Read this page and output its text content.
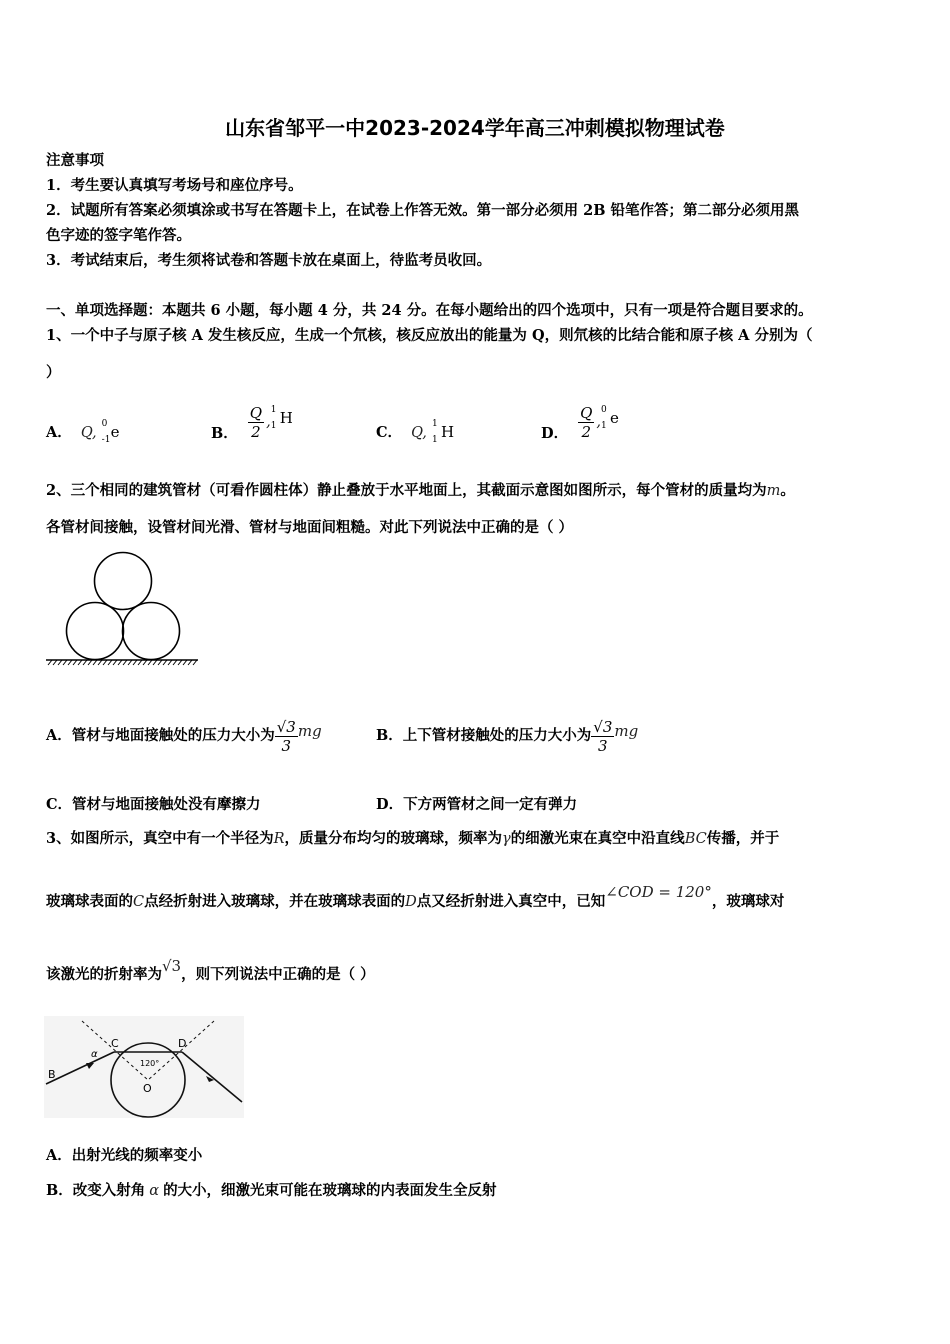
山东省邹平一中2023-2024学年高三冲刺模拟物理试卷
注意事项
1．考生要认真填写考场号和座位序号。
2．试题所有答案必须填涂或书写在答题卡上，在试卷上作答无效。第一部分必须用 2B 铅笔作答；第二部分必须用黑
色字迹的签字笔作答。
3．考试结束后，考生须将试卷和答题卡放在桌面上，待监考员收回。
一、单项选择题：本题共 6 小题，每小题 4 分，共 24 分。在每小题给出的四个选项中，只有一项是符合题目要求的。
1、一个中子与原子核 A 发生核反应，生成一个氘核，核反应放出的能量为 Q，则氘核的比结合能和原子核 A 分别为（
）
A． Q,
0
-1 e	B． $\frac{Q}{2}$ ,
1
1 H
C． Q,
1
1 H	D． $\frac{Q}{2}$ ,
0
1 e
2、三个相同的建筑管材（可看作圆柱体）静止叠放于水平地面上，其截面示意图如图所示，每个管材的质量均为m。
各管材间接触，设管材间光滑、管材与地面间粗糙。对此下列说法中正确的是（ ）
A．管材与地面接触处的压力大小为 $\frac{√3}{3}$ mg	B．上下管材接触处的压力大小为 $\frac{√3}{3}$ mg
C．管材与地面接触处没有摩擦力	D．下方两管材之间一定有弹力
3、如图所示，真空中有一个半径为R，质量分布均匀的玻璃球，频率为γ的细激光束在真空中沿直线BC传播，并于
玻璃球表面的C点经折射进入玻璃球，并在玻璃球表面的D点又经折射进入真空中，已知∠COD = 120°，玻璃球对
该激光的折射率为√3，则下列说法中正确的是（ ）
C	D
B
O
α
120°
A．出射光线的频率变小
B．改变入射角 α 的大小，细激光束可能在玻璃球的内表面发生全反射
